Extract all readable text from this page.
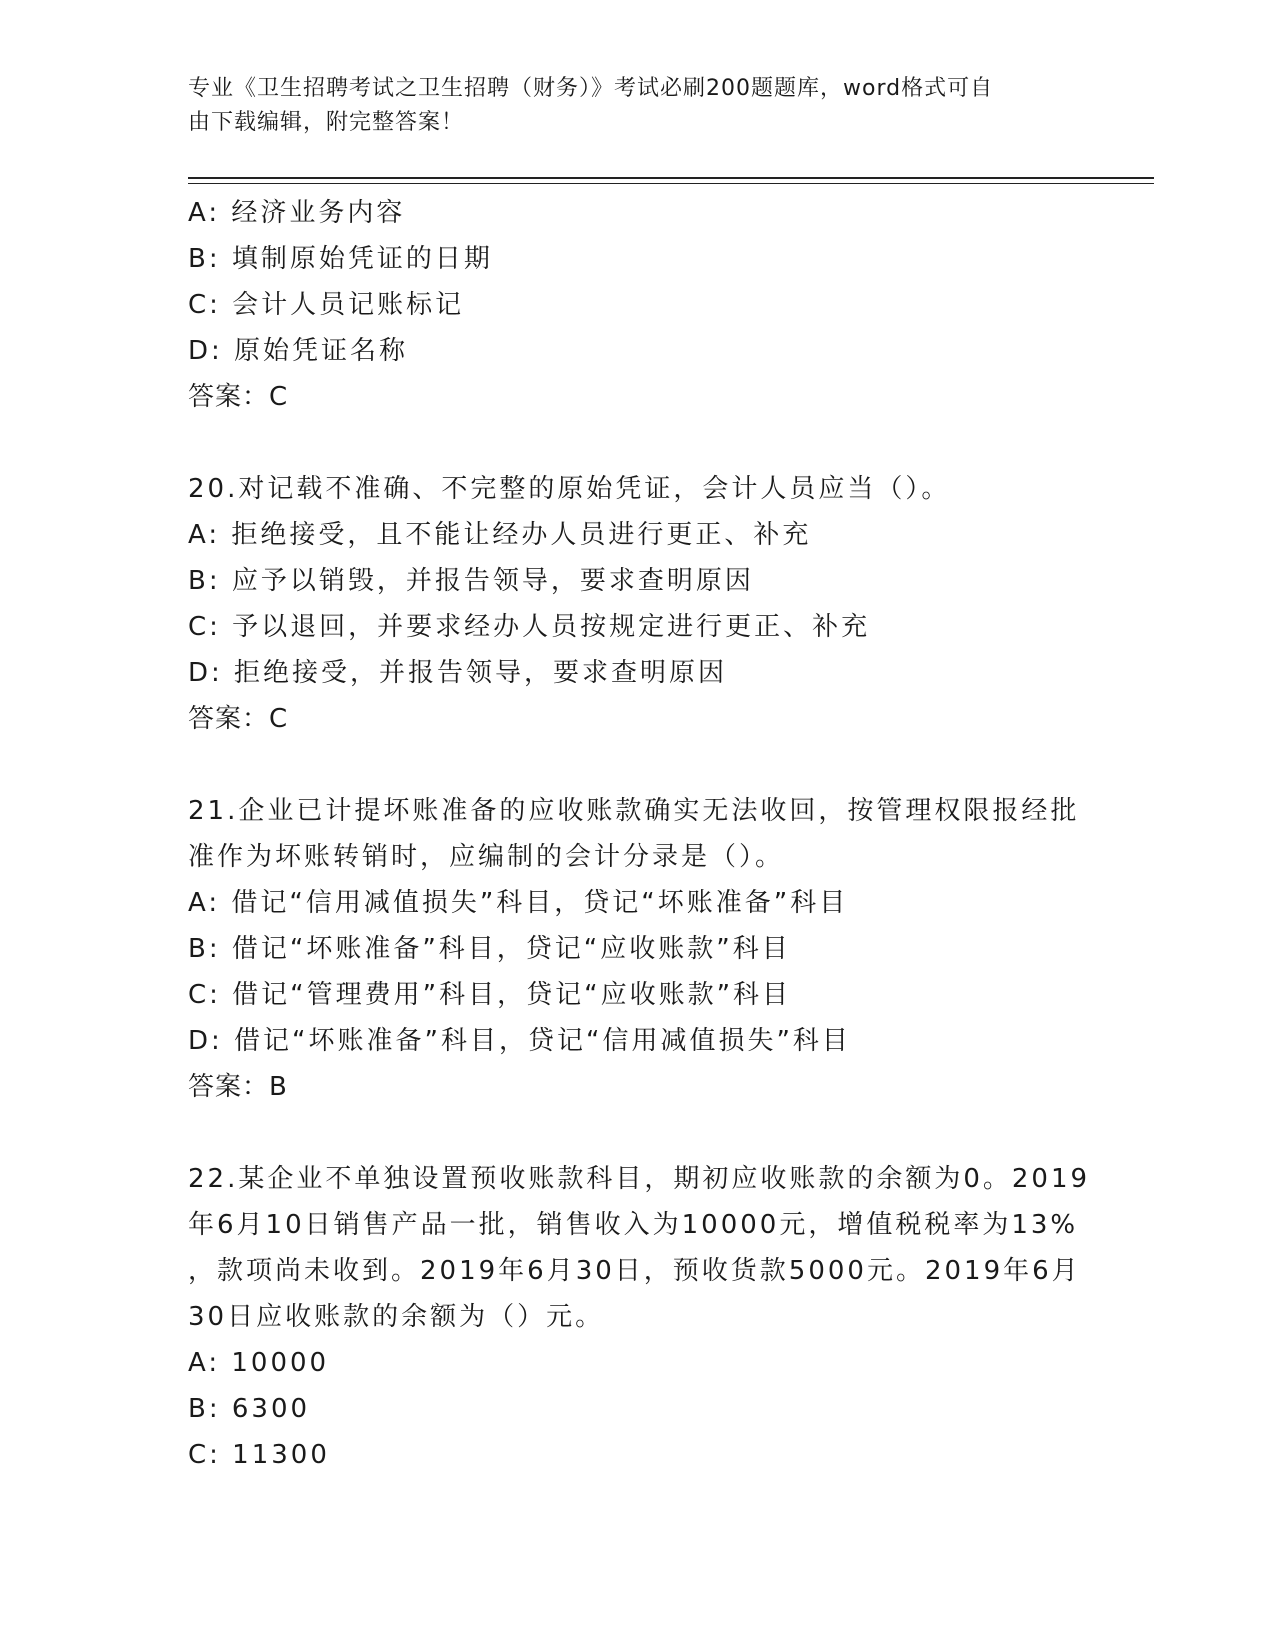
专业《卫生招聘考试之卫生招聘（财务）》考试必刷200题题库，word格式可自
由下载编辑，附完整答案！
A: 经济业务内容
B: 填制原始凭证的日期
C: 会计人员记账标记
D: 原始凭证名称
答案：C
20.对记载不准确、不完整的原始凭证，会计人员应当（）。
A: 拒绝接受，且不能让经办人员进行更正、补充
B: 应予以销毁，并报告领导，要求查明原因
C: 予以退回，并要求经办人员按规定进行更正、补充
D: 拒绝接受，并报告领导，要求查明原因
答案：C
21.企业已计提坏账准备的应收账款确实无法收回，按管理权限报经批
准作为坏账转销时，应编制的会计分录是（）。
A: 借记“信用减值损失”科目，贷记“坏账准备”科目
B: 借记“坏账准备”科目，贷记“应收账款”科目
C: 借记“管理费用”科目，贷记“应收账款”科目
D: 借记“坏账准备”科目，贷记“信用减值损失”科目
答案：B
22.某企业不单独设置预收账款科目，期初应收账款的余额为0。2019
年6月10日销售产品一批，销售收入为10000元，增值税税率为13%
，款项尚未收到。2019年6月30日，预收货款5000元。2019年6月
30日应收账款的余额为（）元。
A: 10000
B: 6300
C: 11300
